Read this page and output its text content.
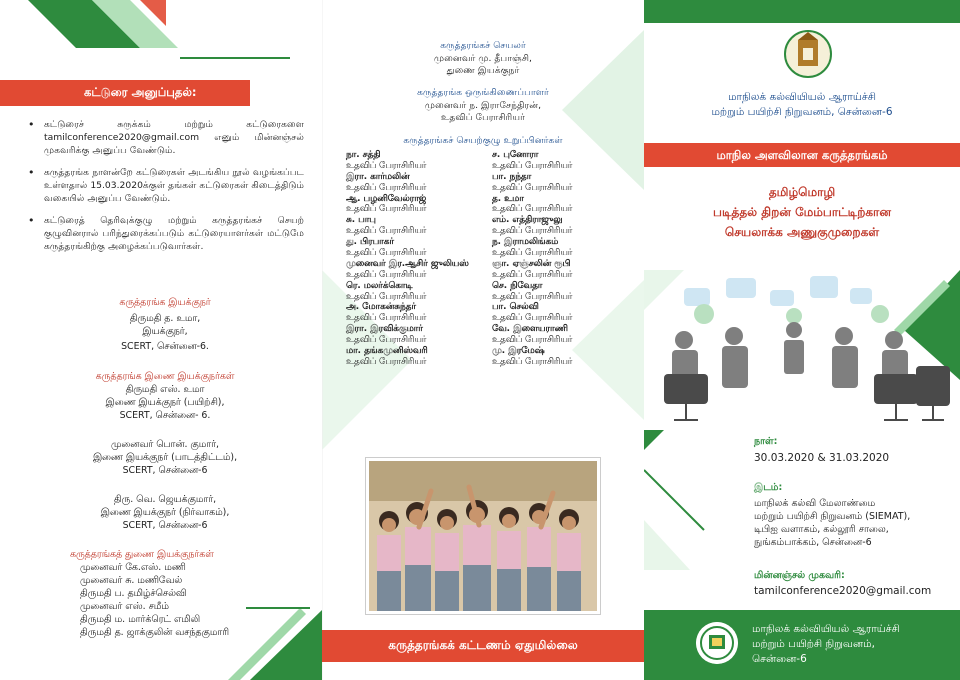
கட்டுரை அனுப்புதல்:
• கட்டுரைச் சுருக்கம் மற்றும் கட்டுரைகளை tamilconference2020@gmail.com எனும் மின்னஞ்சல் முகவரிக்கு அனுப்ப வேண்டும்.
• கருத்தரங்க நாளன்றே கட்டுரைகள் அடங்கிய நூல் வழங்கப்பட உள்ளதால் 15.03.2020க்குள் தங்கள் கட்டுரைகள் கிடைத்திடும் வகையில் அனுப்ப வேண்டும்.
• கட்டுரைத் தெரிவுக்குழு மற்றும் கருத்தரங்கச் செயற் குழுவினரால் பரிந்துரைக்கப்படும் கட்டுரையாளர்கள் மட்டுமே கருத்தரங்கிற்கு அழைக்கப்படுவார்கள்.
கருத்தரங்க இயக்குநர்
திருமதி த. உமா,
இயக்குநர்,
SCERT, சென்னை-6.
கருத்தரங்க இணை இயக்குநர்கள்
திருமதி எஸ். உமா
இணை இயக்குநர் (பயிற்சி),
SCERT, சென்னை- 6.
முனைவர் பொன். குமார்,
இணை இயக்குநர் (பாடத்திட்டம்),
SCERT, சென்னை-6
திரு. வெ. ஜெயக்குமார்,
இணை இயக்குநர் (நிர்வாகம்),
SCERT, சென்னை-6
கருத்தரங்கத் துணை இயக்குநர்கள்
முனைவர் கே.எஸ். மணி
முனைவர் சு. மணிவேல்
திருமதி ப. தமிழ்ச்செல்வி
முனைவர் எஸ். சமீம்
திருமதி ம. மார்க்ரெட் எமிலி
திருமதி த. ஜாக்குலின் வசந்தகுமாரி
கருத்தரங்கச் செயலர்
முனைவர் மு. தீபாஞ்சி,
துணை இயக்குநர்
கருத்தரங்க ஒருங்கிணைப்பாளர்
முனைவர் ந. இராசேந்திரன்,
உதவிப் பேராசிரியர்
கருத்தரங்கச் செயற்குழு உறுப்பினர்கள்
நா. சத்தி	ச. புனோரா
உதவிப் பேராசிரியர்	உதவிப் பேராசிரியர்
இரா. கார்மலின்	பா. நந்தா
உதவிப் பேராசிரியர்	உதவிப் பேராசிரியர்
ஆ. பழனிவேல்ராஜ்	த. உமா
உதவிப் பேராசிரியர்	உதவிப் பேராசிரியர்
சு. பாபு	எம். எத்திராஜுலு
உதவிப் பேராசிரியர்	உதவிப் பேராசிரியர்
து. பிரபாகர்	ந. இராமலிங்கம்
உதவிப் பேராசிரியர்	உதவிப் பேராசிரியர்
முனைவர் இர.ஆசிர் ஜுலியஸ்	ஞா. ஏஞ்சலின் ரூபி
உதவிப் பேராசிரியர்	உதவிப் பேராசிரியர்
ரெ. மலர்க்கொடி	செ. நிவேதா
உதவிப் பேராசிரியர்	உதவிப் பேராசிரியர்
அ. மோகன்சுந்தர்	பா. செல்வி
உதவிப் பேராசிரியர்	உதவிப் பேராசிரியர்
இரா. இரவிக்குமார்	வே. இளையராணி
உதவிப் பேராசிரியர்	உதவிப் பேராசிரியர்
மா. தங்கமுனிஸ்வரி	மு. இரமேஷ்
உதவிப் பேராசிரியர்	உதவிப் பேராசிரியர்
கருத்தரங்கக் கட்டணம் ஏதுமில்லை
மாநிலக் கல்வியியல் ஆராய்ச்சி
மற்றும் பயிற்சி நிறுவனம், சென்னை-6
மாநில அளவிலான கருத்தரங்கம்
தமிழ்மொழி
படித்தல் திறன் மேம்பாட்டிற்கான
செயலாக்க அணுகுமுறைகள்
நாள்:
30.03.2020 & 31.03.2020
இடம்:
மாநிலக் கல்வி மேலாண்மை
மற்றும் பயிற்சி நிறுவனம் (SIEMAT),
டிபிஐ வளாகம், கல்லூரி சாலை,
நுங்கம்பாக்கம், சென்னை-6
மின்னஞ்சல் முகவரி:
tamilconference2020@gmail.com
மாநிலக் கல்வியியல் ஆராய்ச்சி
மற்றும் பயிற்சி நிறுவனம்,
சென்னை-6
